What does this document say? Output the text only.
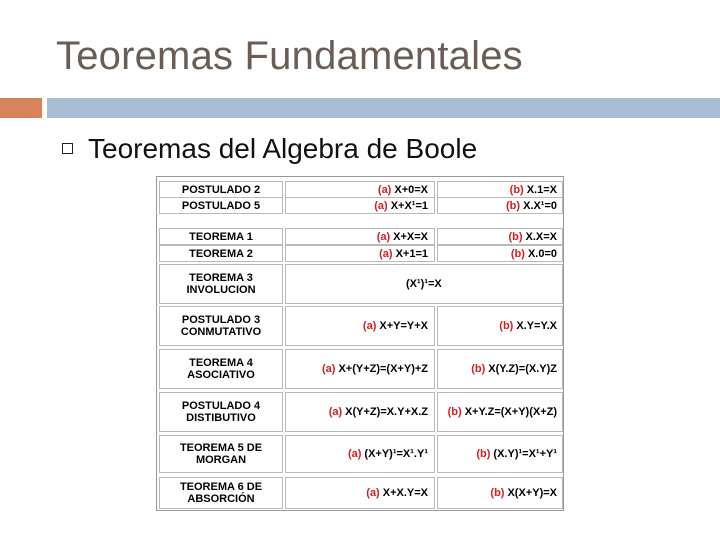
Teoremas Fundamentales
Teoremas del Algebra de Boole
POSTULADO 2	(a) X+0=X	(b) X.1=X
POSTULADO 5	(a) X+X¹=1	(b) X.X¹=0
TEOREMA 1	(a) X+X=X	(b) X.X=X
TEOREMA 2	(a) X+1=1	(b) X.0=0
TEOREMA 3
INVOLUCION	(X¹)¹=X
POSTULADO 3
CONMUTATIVO	(a) X+Y=Y+X	(b) X.Y=Y.X
TEOREMA 4
ASOCIATIVO	(a) X+(Y+Z)=(X+Y)+Z	(b) X(Y.Z)=(X.Y)Z
POSTULADO 4
DISTIBUTIVO	(a) X(Y+Z)=X.Y+X.Z (b) X+Y.Z=(X+Y)(X+Z)
TEOREMA 5 DE
MORGAN	(a) (X+Y)¹=X¹.Y¹	(b) (X.Y)¹=X¹+Y¹
TEOREMA 6 DE
ABSORCIÓN	(a) X+X.Y=X	(b) X(X+Y)=X
